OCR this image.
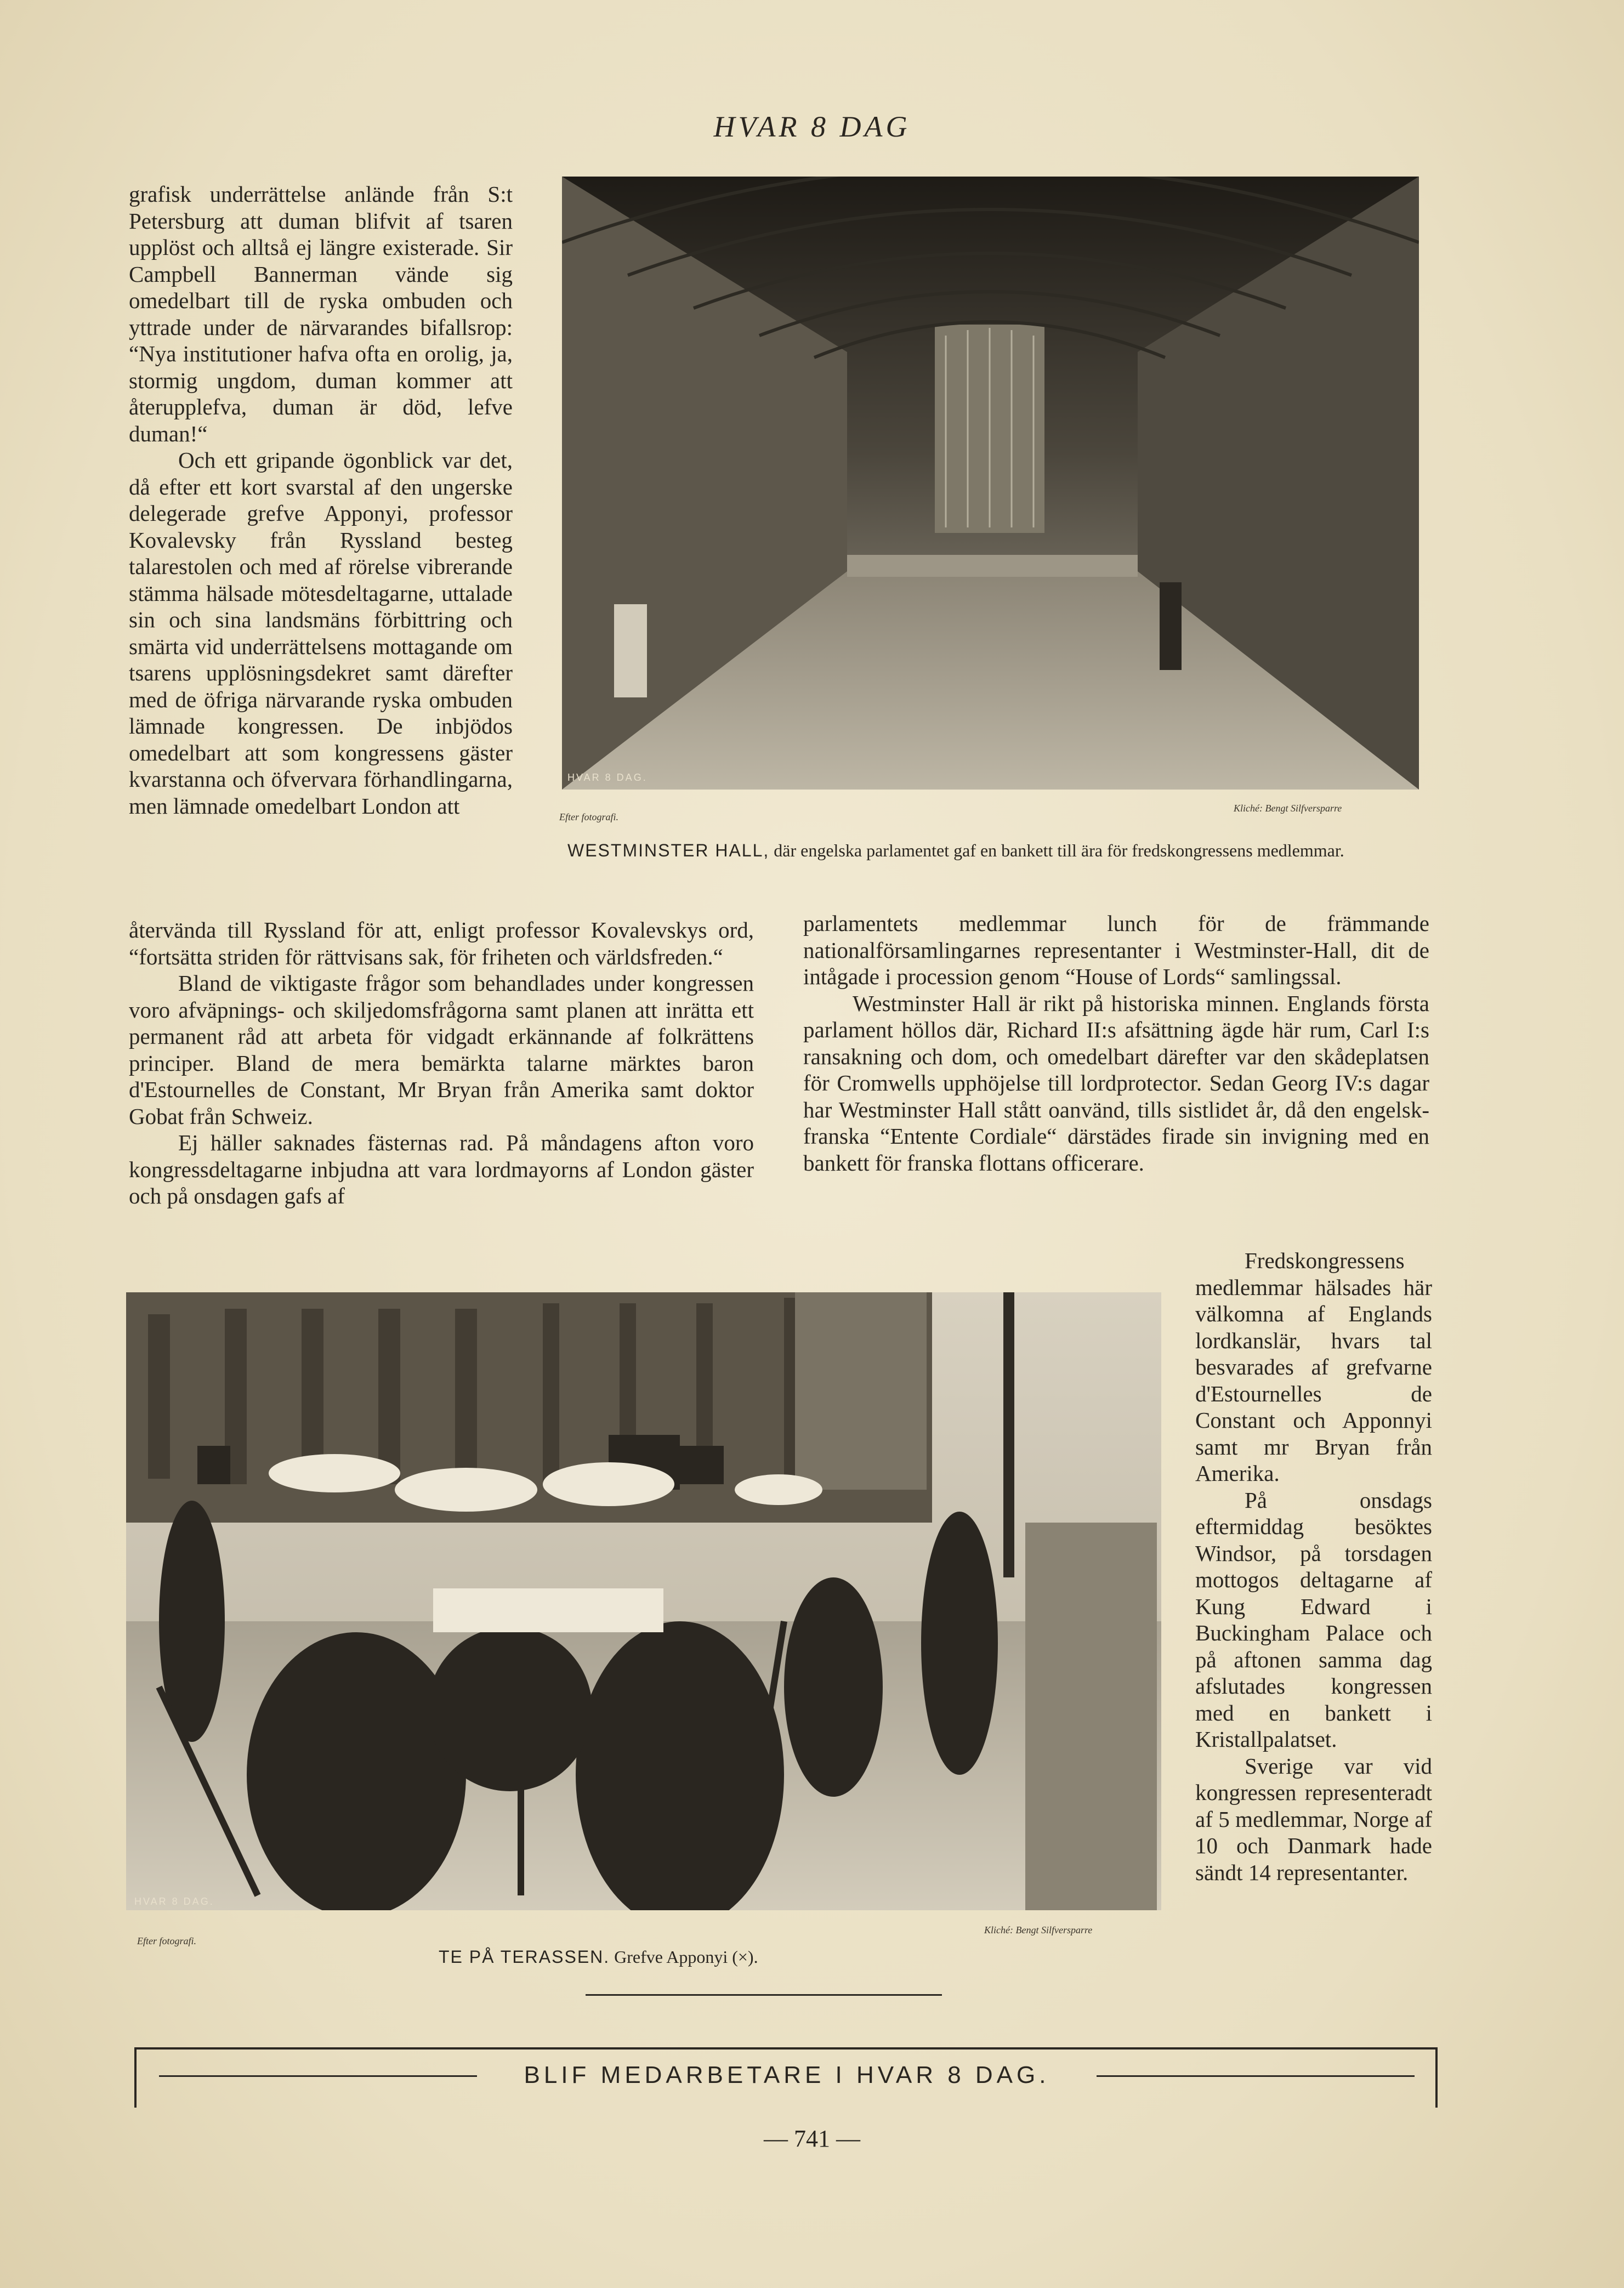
HVAR 8 DAG

grafisk underrättelse anlände från S:t Petersburg att duman blifvit af tsaren upplöst och alltså ej längre existerade. Sir Campbell Bannerman vände sig omedelbart till de ryska ombuden och yttrade under de närvarandes bifallsrop: “Nya institutioner hafva ofta en orolig, ja, stormig ungdom, duman kommer att återupplefva, duman är död, lefve duman!“

Och ett gripande ögonblick var det, då efter ett kort svarstal af den ungerske delegerade grefve Apponyi, professor Kovalevsky från Ryssland besteg talarestolen och med af rörelse vibrerande stämma hälsade mötesdeltagarne, uttalade sin och sina landsmäns förbittring och smärta vid underrättelsens mottagande om tsarens upplösningsdekret samt därefter med de öfriga närvarande ryska ombuden lämnade kongressen. De inbjödos omedelbart att som kongressens gäster kvarstanna och öfvervara förhandlingarna, men lämnade omedelbart London att

återvända till Ryssland för att, enligt professor Kovalevskys ord, “fortsätta striden för rättvisans sak, för friheten och världsfreden.“

Bland de viktigaste frågor som behandlades under kongressen voro afväpnings- och skiljedomsfrågorna samt planen att inrätta ett permanent råd att arbeta för vidgadt erkännande af folkrättens principer. Bland de mera bemärkta talarne märktes baron d'Estournelles de Constant, Mr Bryan från Amerika samt doktor Gobat från Schweiz.

Ej häller saknades fästernas rad. På måndagens afton voro kongressdeltagarne inbjudna att vara lordmayorns af London gäster och på onsdagen gafs af

HVAR 8 DAG.
Efter fotografi.
Kliché: Bengt Silfversparre
WESTMINSTER HALL, där engelska parlamentet gaf en bankett till ära för fredskongressens medlemmar.

parlamentets medlemmar lunch för de främmande nationalförsamlingarnes representanter i Westminster-Hall, dit de intågade i procession genom “House of Lords“ samlingssal.

Westminster Hall är rikt på historiska minnen. Englands första parlament höllos där, Richard II:s afsättning ägde här rum, Carl I:s ransakning och dom, och omedelbart därefter var den skådeplatsen för Cromwells upphöjelse till lordprotector. Sedan Georg IV:s dagar har Westminster Hall stått oanvänd, tills sistlidet år, då den engelsk-franska “Entente Cordiale“ därstädes firade sin invigning med en bankett för franska flottans officerare.

HVAR 8 DAG.
Efter fotografi.
Kliché: Bengt Silfversparre
TE PÅ TERASSEN. Grefve Apponyi (×).

Fredskongressens medlemmar hälsades här välkomna af Englands lordkanslär, hvars tal besvarades af grefvarne d'Estournelles de Constant och Apponnyi samt mr Bryan från Amerika.

På onsdags eftermiddag besöktes Windsor, på torsdagen mottogos deltagarne af Kung Edward i Buckingham Palace och på aftonen samma dag afslutades kongressen med en bankett i Kristallpalatset.

Sverige var vid kongressen representeradt af 5 medlemmar, Norge af 10 och Danmark hade sändt 14 representanter.

BLIF MEDARBETARE I HVAR 8 DAG.
— 741 —
